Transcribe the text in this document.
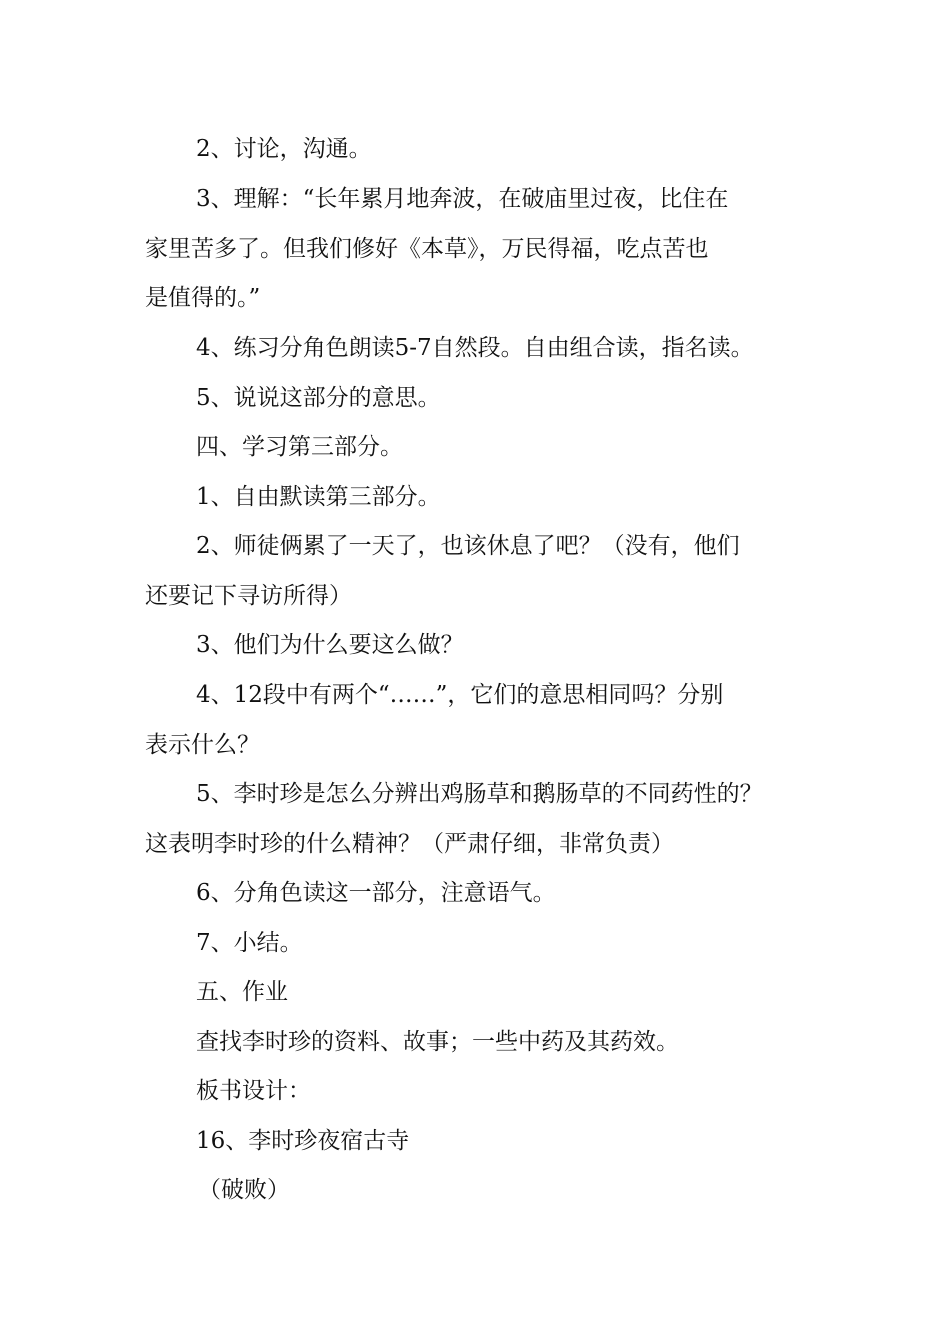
2、讨论，沟通。

3、理解：“长年累月地奔波，在破庙里过夜，比住在
家里苦多了。但我们修好《本草》，万民得福，吃点苦也
是值得的。”

4、练习分角色朗读5-7自然段。自由组合读，指名读。

5、说说这部分的意思。

四、学习第三部分。

1、自由默读第三部分。

2、师徒俩累了一天了，也该休息了吧？（没有，他们
还要记下寻访所得）

3、他们为什么要这么做？

4、12段中有两个“……”，它们的意思相同吗？分别
表示什么？

5、李时珍是怎么分辨出鸡肠草和鹅肠草的不同药性的？
这表明李时珍的什么精神？（严肃仔细，非常负责）

6、分角色读这一部分，注意语气。

7、小结。

五、作业

查找李时珍的资料、故事；一些中药及其药效。

板书设计：

16、李时珍夜宿古寺

（破败）
